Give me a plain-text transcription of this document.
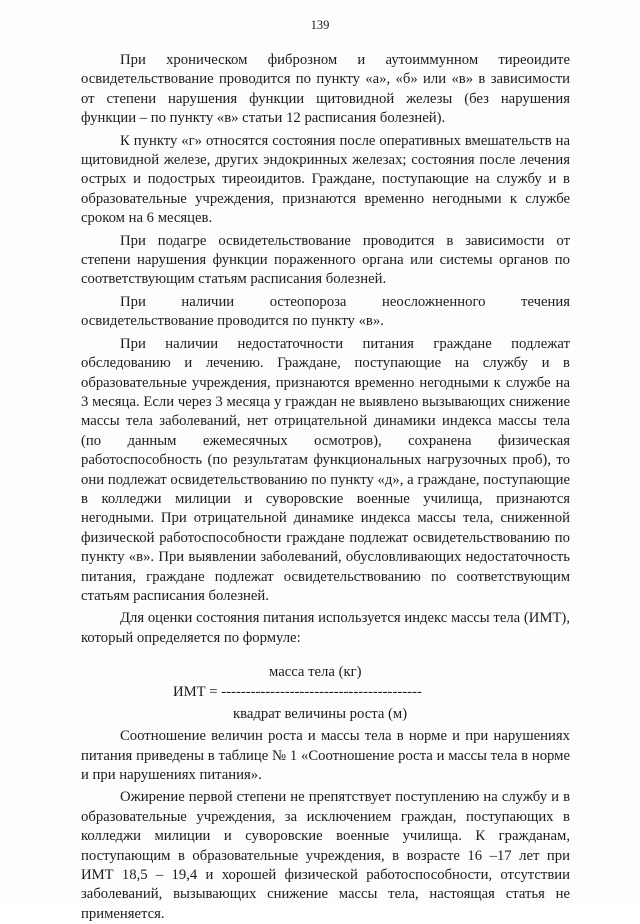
139

При хроническом фиброзном и аутоиммунном тиреоидите освидетельствование проводится по пункту «а», «б» или «в» в зависимости от степени нарушения функции щитовидной железы (без нарушения функции – по пункту «в» статьи 12 расписания болезней).

К пункту «г» относятся состояния после оперативных вмешательств на щитовидной железе, других эндокринных железах; состояния после лечения острых и подострых тиреоидитов. Граждане, поступающие на службу и в образовательные учреждения, признаются временно негодными к службе сроком на 6 месяцев.

При подагре освидетельствование проводится в зависимости от степени нарушения функции пораженного органа или системы органов по соответствующим статьям расписания болезней.

При наличии остеопороза неосложненного течения освидетельствование проводится по пункту «в».

При наличии недостаточности питания граждане подлежат обследованию и лечению. Граждане, поступающие на службу и в образовательные учреждения, признаются временно негодными к службе на 3 месяца. Если через 3 месяца у граждан не выявлено вызывающих снижение массы тела заболеваний, нет отрицательной динамики индекса массы тела (по данным ежемесячных осмотров), сохранена физическая работоспособность (по результатам функциональных нагрузочных проб), то они подлежат освидетельствованию по пункту «д», а граждане, поступающие в колледжи милиции и суворовские военные училища, признаются негодными. При отрицательной динамике индекса массы тела, сниженной физической работоспособности граждане подлежат освидетельствованию по пункту «в». При выявлении заболеваний, обусловливающих недостаточность питания, граждане подлежат освидетельствованию по соответствующим статьям расписания болезней.

Для оценки состояния питания используется индекс массы тела (ИМТ), который определяется по формуле:

масса тела (кг)
ИМТ = -----------------------------------------
квадрат величины роста (м)

Соотношение величин роста и массы тела в норме и при нарушениях питания приведены в таблице № 1 «Соотношение роста и массы тела в норме и при нарушениях питания».

Ожирение первой степени не препятствует поступлению на службу и в образовательные учреждения, за исключением граждан, поступающих в колледжи милиции и суворовские военные училища. К гражданам, поступающим в образовательные учреждения, в возрасте 16 –17 лет при ИМТ 18,5 – 19,4 и хорошей физической работоспособности, отсутствии заболеваний, вызывающих снижение массы тела, настоящая статья не применяется.
